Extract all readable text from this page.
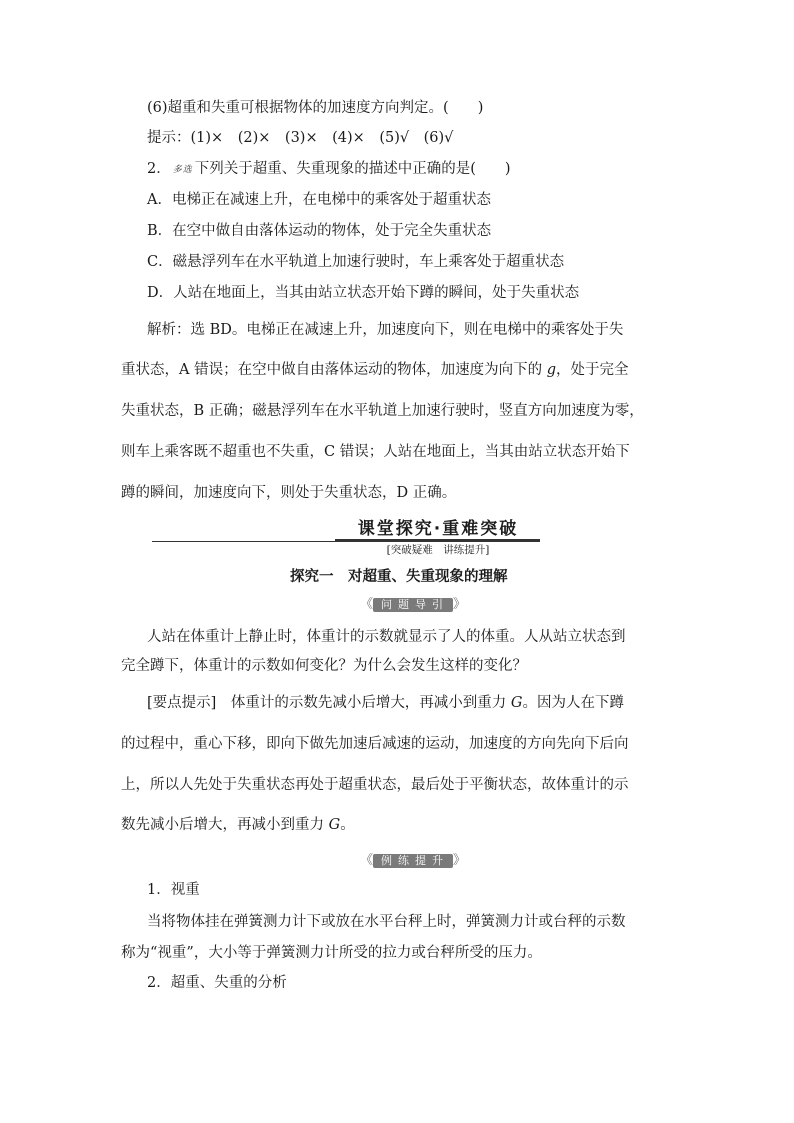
(6)超重和失重可根据物体的加速度方向判定。(　　)
提示：(1)×　 (2)×　 (3)×　 (4)×　 (5)√　 (6)√
2． 多选 下列关于超重、失重现象的描述中正确的是(　　)
A．电梯正在减速上升，在电梯中的乘客处于超重状态
B．在空中做自由落体运动的物体，处于完全失重状态
C．磁悬浮列车在水平轨道上加速行驶时，车上乘客处于超重状态
D．人站在地面上，当其由站立状态开始下蹲的瞬间，处于失重状态
解析：选 BD。电梯正在减速上升，加速度向下，则在电梯中的乘客处于失
重状态，A 错误；在空中做自由落体运动的物体，加速度为向下的 g，处于完全
失重状态，B 正确；磁悬浮列车在水平轨道上加速行驶时，竖直方向加速度为零，
则车上乘客既不超重也不失重，C 错误；人站在地面上，当其由站立状态开始下
蹲的瞬间，加速度向下，则处于失重状态，D 正确。
课堂探究·重难突破
[突破疑难　讲练提升]
探究一　对超重、失重现象的理解
《 问题导引 》
人站在体重计上静止时，体重计的示数就显示了人的体重。人从站立状态到
完全蹲下，体重计的示数如何变化？为什么会发生这样的变化？
[要点提示]　体重计的示数先减小后增大，再减小到重力 G。因为人在下蹲
的过程中，重心下移，即向下做先加速后减速的运动，加速度的方向先向下后向
上，所以人先处于失重状态再处于超重状态，最后处于平衡状态，故体重计的示
数先减小后增大，再减小到重力 G。
《 例练提升 》
1．视重
当将物体挂在弹簧测力计下或放在水平台秤上时，弹簧测力计或台秤的示数
称为“视重”，大小等于弹簧测力计所受的拉力或台秤所受的压力。
2．超重、失重的分析
